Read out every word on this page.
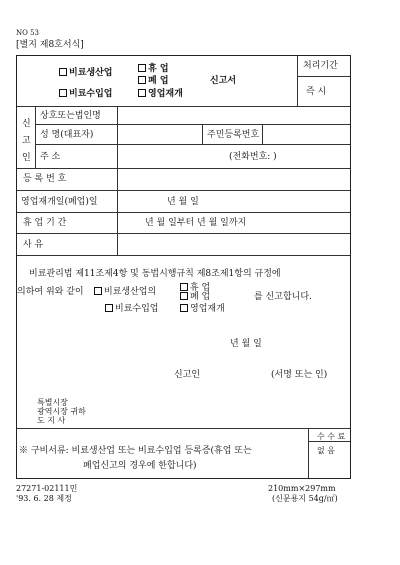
NO 53
[별지 제8호서식]
비료생산업
비료수입업
휴 업
폐 업
영업재개
신고서
처리기간
즉 시
신
고
인
상호또는법인명
성 명(대표자)	주민등록번호
주 소	(전화번호: )
등 록 번 호
영업재개일(폐업)일	년 월 일
휴 업 기 간	년 월 일부터 년 월 일까지
사 유
비료관리법 제11조제4항 및 동법시행규칙 제8조제1항의 규정에
의하여 위와 같이	비료생산업의	휴 업
폐 업
영업재개
를 신고합니다.
비료수입업
년 월 일
신고인	(서명 또는 인)
특별시장
광역시장 귀하
도 지 사
※ 구비서류: 비료생산업 또는 비료수입업 등록증(휴업 또는
폐업신고의 경우에 한합니다)
수 수 료
없 음
27271-02111민
'93. 6. 28 제정
210mm×297mm
(신문용지 54g/㎡)
